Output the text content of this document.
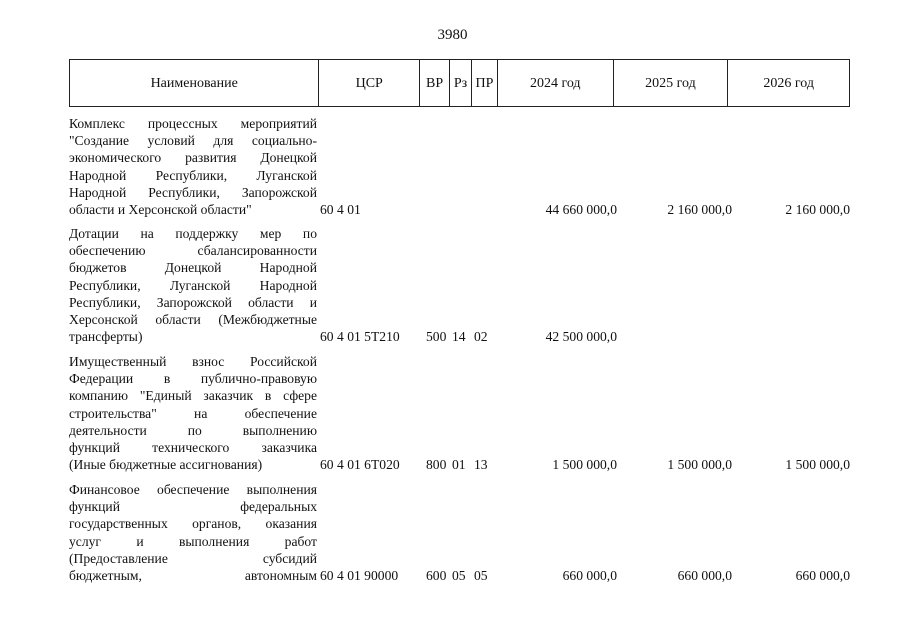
3980
Наименование	ЦСР	ВР Рз ПР	2024 год	2025 год	2026 год
Комплекс процессных мероприятий
"Создание условий для социально-
экономического развития Донецкой
Народной Республики, Луганской
Народной Республики, Запорожской
области и Херсонской области"	60 4 01	44 660 000,0	2 160 000,0	2 160 000,0
Дотации на поддержку мер по
обеспечению сбалансированности
бюджетов Донецкой Народной
Республики, Луганской Народной
Республики, Запорожской области и
Херсонской области (Межбюджетные
трансферты)	60 4 01 5Т210 500 14 02	42 500 000,0
Имущественный взнос Российской
Федерации в публично-правовую
компанию "Единый заказчик в сфере
строительства" на обеспечение
деятельности по выполнению
функций технического заказчика
(Иные бюджетные ассигнования)	60 4 01 6Т020 800 01 13	1 500 000,0	1 500 000,0	1 500 000,0
Финансовое обеспечение выполнения
функций федеральных
государственных органов, оказания
услуг и выполнения работ
(Предоставление субсидий
бюджетным, автономным 60 4 01 90000 600 05 05	660 000,0	660 000,0	660 000,0
